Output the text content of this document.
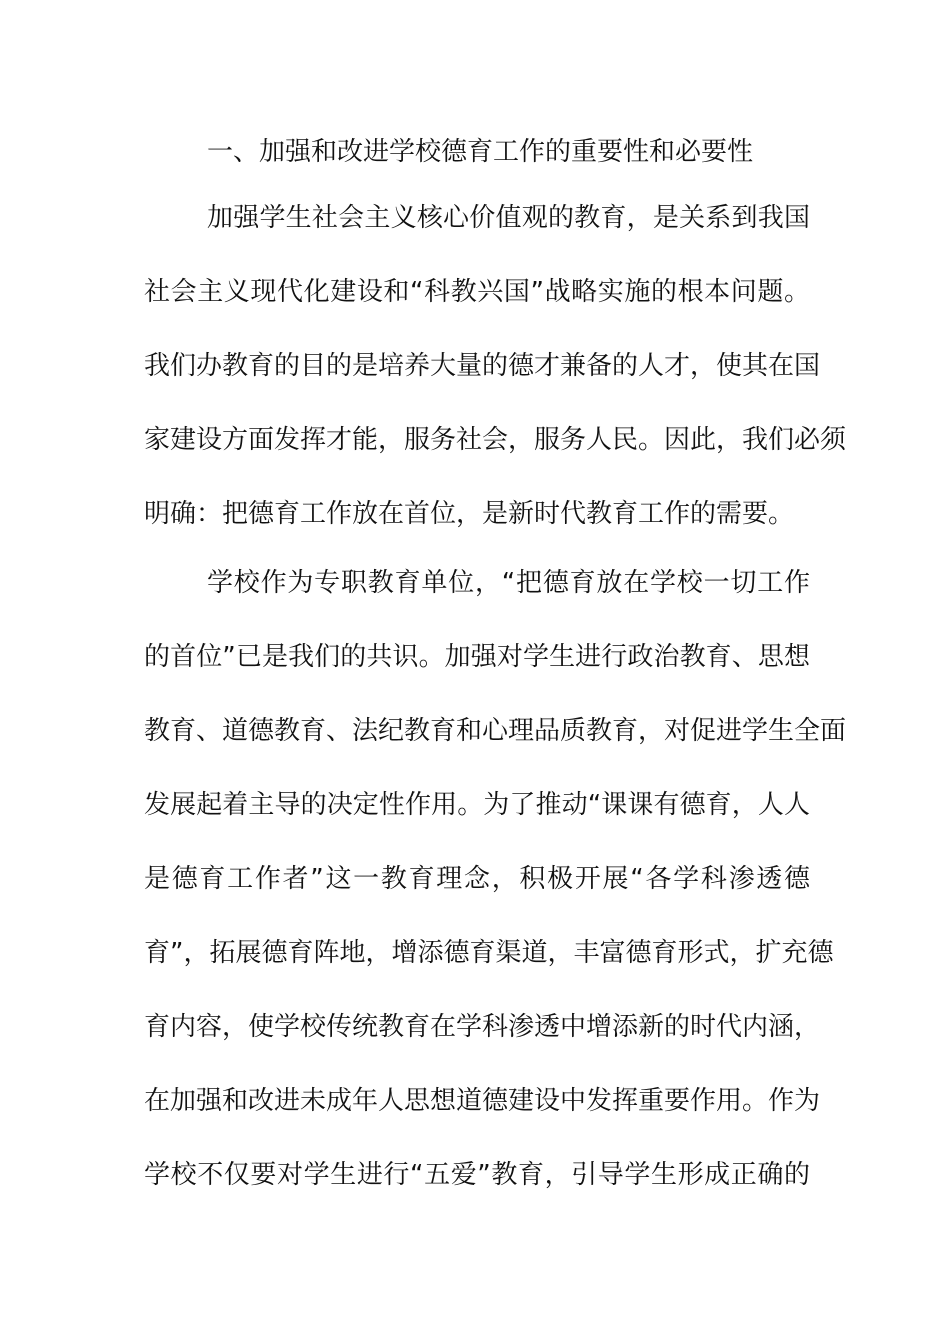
一、加强和改进学校德育工作的重要性和必要性
加强学生社会主义核心价值观的教育，是关系到我国
社会主义现代化建设和“科教兴国”战略实施的根本问题。
我们办教育的目的是培养大量的德才兼备的人才，使其在国
家建设方面发挥才能，服务社会，服务人民。因此，我们必须
明确：把德育工作放在首位，是新时代教育工作的需要。
学校作为专职教育单位，“把德育放在学校一切工作
的首位”已是我们的共识。加强对学生进行政治教育、思想
教育、道德教育、法纪教育和心理品质教育，对促进学生全面
发展起着主导的决定性作用。为了推动“课课有德育，人人
是德育工作者”这一教育理念，积极开展“各学科渗透德
育”，拓展德育阵地，增添德育渠道，丰富德育形式，扩充德
育内容，使学校传统教育在学科渗透中增添新的时代内涵，
在加强和改进未成年人思想道德建设中发挥重要作用。作为
学校不仅要对学生进行“五爱”教育，引导学生形成正确的
